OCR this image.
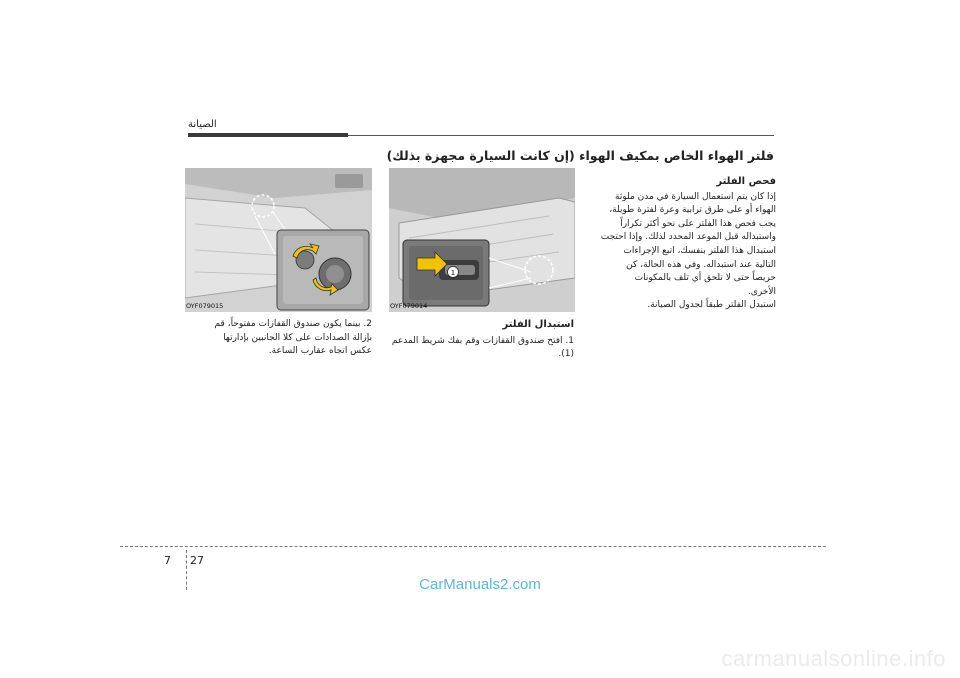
الصيانة
فلتر الهواء الخاص بمكيف الهواء (إن كانت السيارة مجهزة بذلك)
فحص الفلتر

إذا كان يتم استعمال السيارة في مدن ملوثة

الهواء أو على طرق ترابية وعرة لفترة طويلة،

يجب فحص هذا الفلتر على نحو أكثر تكراراً

واستبداله قبل الموعد المحدد لذلك. وإذا احتجت

استبدال هذا الفلتر بنفسك، اتبع الإجراءات

التالية عند استبداله. وفي هذه الحالة، كن

حريصاً حتى لا تلحق أي تلف بالمكونات

الأخرى.

استبدل الفلتر طبقاً لجدول الصيانة.

1
OYF079014
OYF079015
استبدال الفلتر

1. افتح صندوق القفازات وقم بفك شريط المدعم

(1).

2. بينما يكون صندوق القفازات مفتوحاً، قم

بإزالة الصدادات على كلا الجانبين بإدارتها

عكس اتجاه عقارب الساعة.

7 27
CarManuals2.com
carmanualsonline.info
